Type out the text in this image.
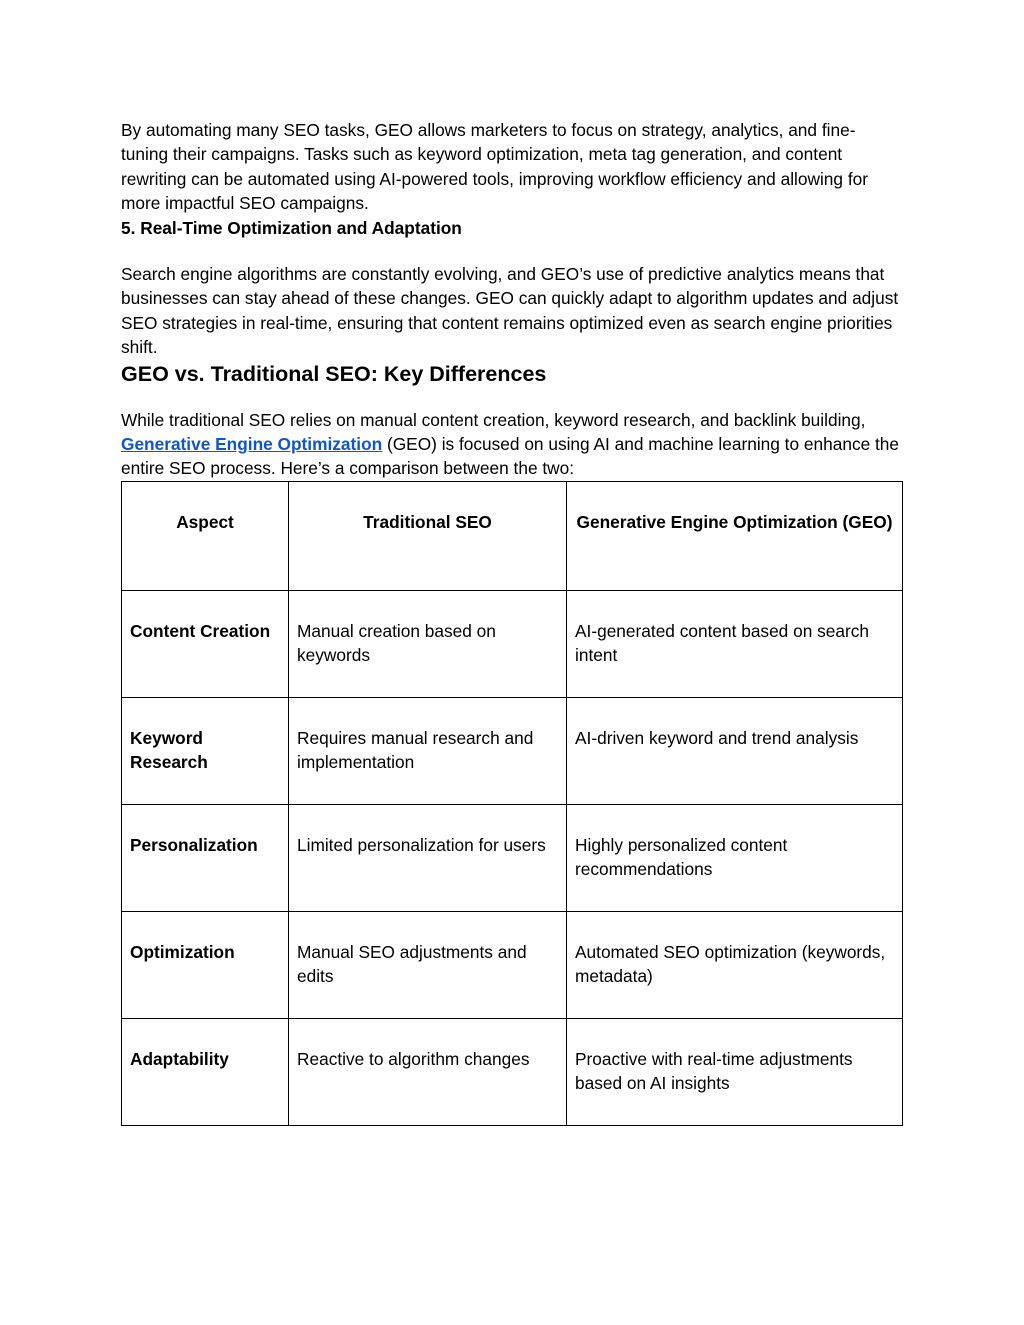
By automating many SEO tasks, GEO allows marketers to focus on strategy, analytics, and fine-tuning their campaigns. Tasks such as keyword optimization, meta tag generation, and content rewriting can be automated using AI-powered tools, improving workflow efficiency and allowing for more impactful SEO campaigns.

5. Real-Time Optimization and Adaptation

Search engine algorithms are constantly evolving, and GEO’s use of predictive analytics means that businesses can stay ahead of these changes. GEO can quickly adapt to algorithm updates and adjust SEO strategies in real-time, ensuring that content remains optimized even as search engine priorities shift.

GEO vs. Traditional SEO: Key Differences

While traditional SEO relies on manual content creation, keyword research, and backlink building, Generative Engine Optimization (GEO) is focused on using AI and machine learning to enhance the entire SEO process. Here’s a comparison between the two:

Aspect	Traditional SEO	Generative Engine Optimization (GEO)
Content Creation	Manual creation based on keywords	AI-generated content based on search intent
Keyword Research	Requires manual research and implementation	AI-driven keyword and trend analysis
Personalization	Limited personalization for users	Highly personalized content recommendations
Optimization	Manual SEO adjustments and edits	Automated SEO optimization (keywords, metadata)
Adaptability	Reactive to algorithm changes	Proactive with real-time adjustments based on AI insights
